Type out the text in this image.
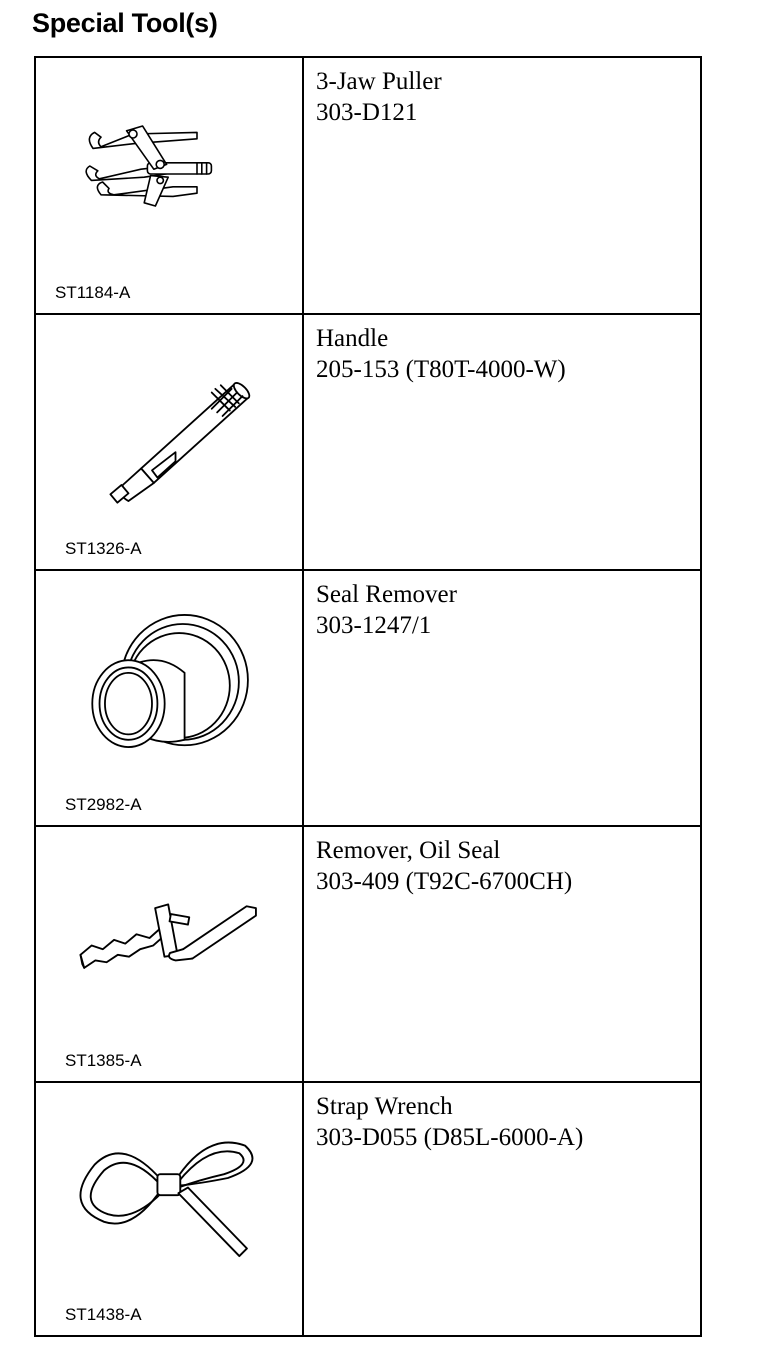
Special Tool(s)
ST1184-A
3-Jaw Puller
303-D121
ST1326-A
Handle
205-153 (T80T-4000-W)
ST2982-A
Seal Remover
303-1247/1
ST1385-A
Remover, Oil Seal
303-409 (T92C-6700CH)
ST1438-A
Strap Wrench
303-D055 (D85L-6000-A)
